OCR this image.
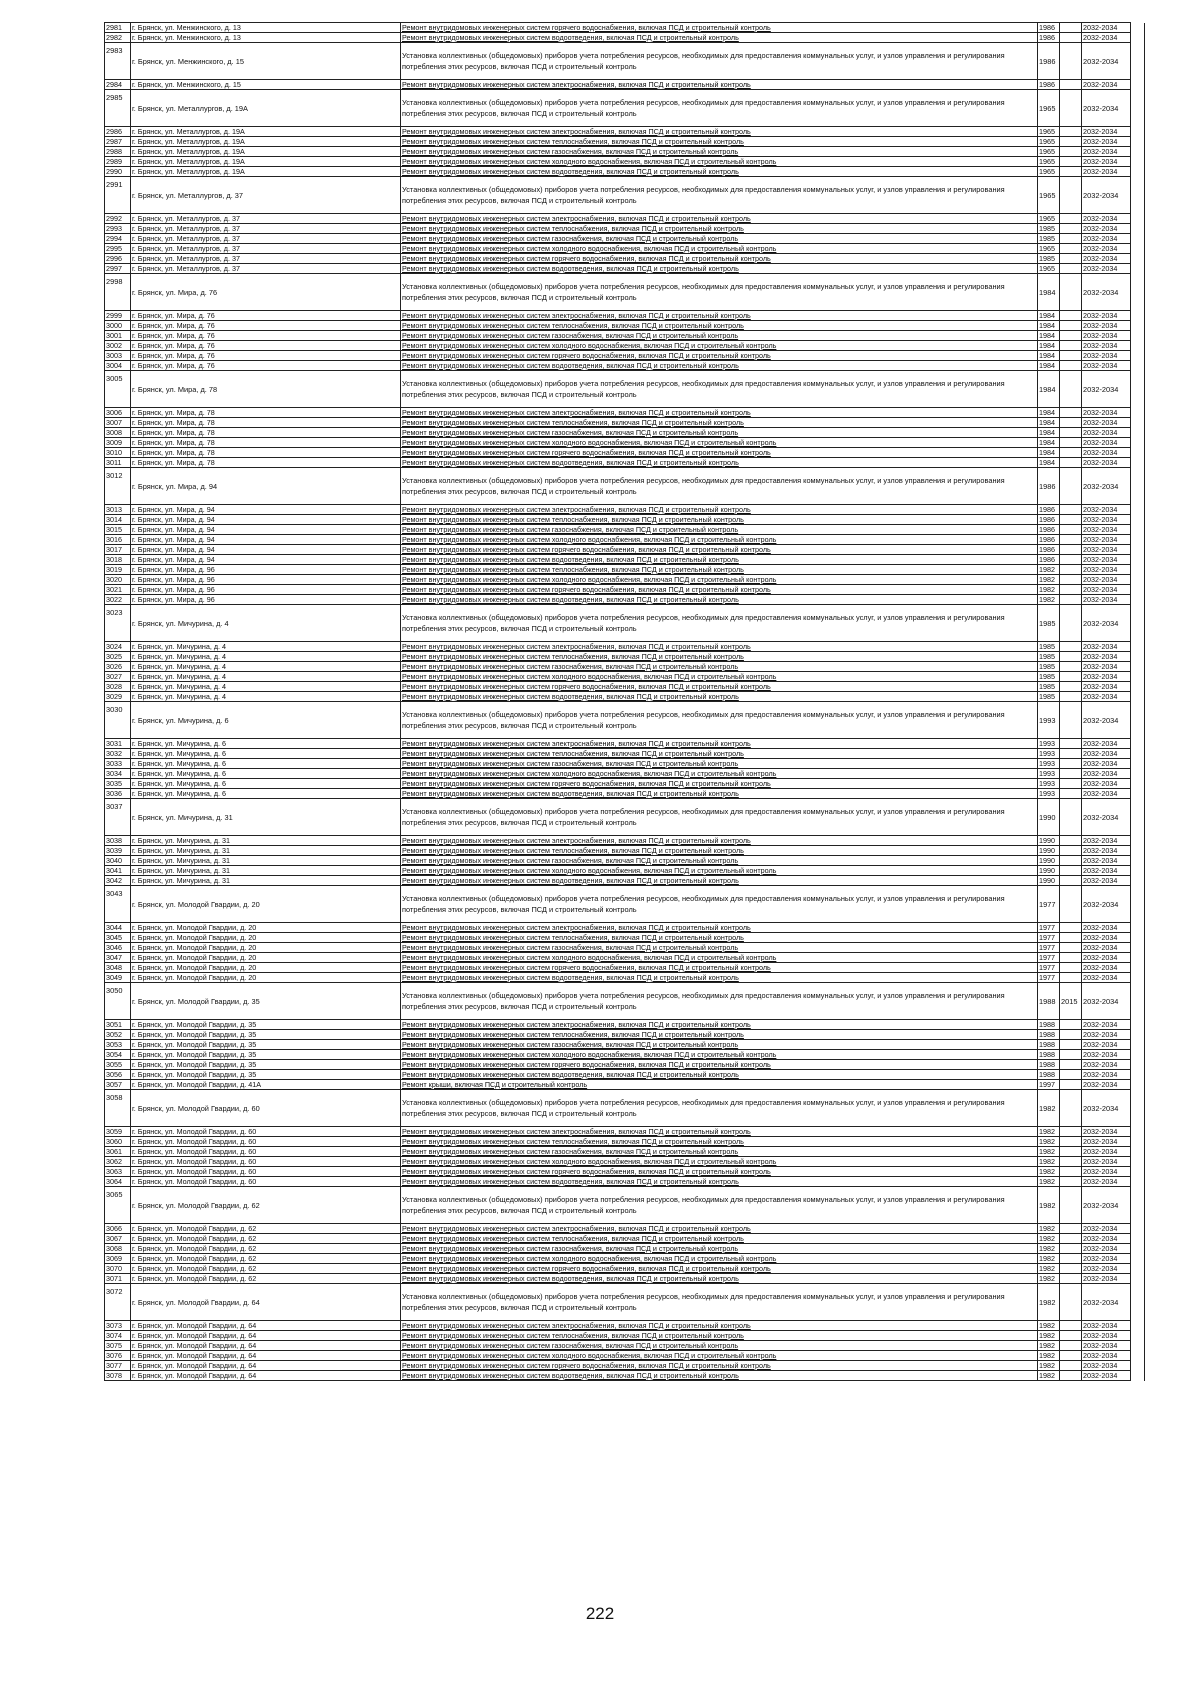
2981	г. Брянск, ул. Менжинского, д. 13	Ремонт внутридомовых инженерных систем горячего водоснабжения, включая ПСД и строительный контроль	1986		2032-2034	
2982	г. Брянск, ул. Менжинского, д. 13	Ремонт внутридомовых инженерных систем водоотведения, включая ПСД и строительный контроль	1986		2032-2034	
2983	г. Брянск, ул. Менжинского, д. 15	Установка коллективных (общедомовых) приборов учета потребления ресурсов, необходимых для предоставления коммунальных услуг, и узлов управления и регулирования потребления этих ресурсов, включая ПСД и строительный контроль	1986		2032-2034	
2984	г. Брянск, ул. Менжинского, д. 15	Ремонт внутридомовых инженерных систем электроснабжения, включая ПСД и строительный контроль	1986		2032-2034	
2985	г. Брянск, ул. Металлургов, д. 19А	Установка коллективных (общедомовых) приборов учета потребления ресурсов, необходимых для предоставления коммунальных услуг, и узлов управления и регулирования потребления этих ресурсов, включая ПСД и строительный контроль	1965		2032-2034	
2986	г. Брянск, ул. Металлургов, д. 19А	Ремонт внутридомовых инженерных систем электроснабжения, включая ПСД и строительный контроль	1965		2032-2034	
2987	г. Брянск, ул. Металлургов, д. 19А	Ремонт внутридомовых инженерных систем теплоснабжения, включая ПСД и строительный контроль	1965		2032-2034	
2988	г. Брянск, ул. Металлургов, д. 19А	Ремонт внутридомовых инженерных систем газоснабжения, включая ПСД и строительный контроль	1965		2032-2034	
2989	г. Брянск, ул. Металлургов, д. 19А	Ремонт внутридомовых инженерных систем холодного водоснабжения, включая ПСД и строительный контроль	1965		2032-2034	
2990	г. Брянск, ул. Металлургов, д. 19А	Ремонт внутридомовых инженерных систем водоотведения, включая ПСД и строительный контроль	1965		2032-2034	
2991	г. Брянск, ул. Металлургов, д. 37	Установка коллективных (общедомовых) приборов учета потребления ресурсов, необходимых для предоставления коммунальных услуг, и узлов управления и регулирования потребления этих ресурсов, включая ПСД и строительный контроль	1965		2032-2034	
2992	г. Брянск, ул. Металлургов, д. 37	Ремонт внутридомовых инженерных систем электроснабжения, включая ПСД и строительный контроль	1965		2032-2034	
2993	г. Брянск, ул. Металлургов, д. 37	Ремонт внутридомовых инженерных систем теплоснабжения, включая ПСД и строительный контроль	1985		2032-2034	
2994	г. Брянск, ул. Металлургов, д. 37	Ремонт внутридомовых инженерных систем газоснабжения, включая ПСД и строительный контроль	1985		2032-2034	
2995	г. Брянск, ул. Металлургов, д. 37	Ремонт внутридомовых инженерных систем холодного водоснабжения, включая ПСД и строительный контроль	1965		2032-2034	
2996	г. Брянск, ул. Металлургов, д. 37	Ремонт внутридомовых инженерных систем горячего водоснабжения, включая ПСД и строительный контроль	1985		2032-2034	
2997	г. Брянск, ул. Металлургов, д. 37	Ремонт внутридомовых инженерных систем водоотведения, включая ПСД и строительный контроль	1965		2032-2034	
2998	г. Брянск, ул. Мира, д. 76	Установка коллективных (общедомовых) приборов учета потребления ресурсов, необходимых для предоставления коммунальных услуг, и узлов управления и регулирования потребления этих ресурсов, включая ПСД и строительный контроль	1984		2032-2034	
2999	г. Брянск, ул. Мира, д. 76	Ремонт внутридомовых инженерных систем электроснабжения, включая ПСД и строительный контроль	1984		2032-2034	
3000	г. Брянск, ул. Мира, д. 76	Ремонт внутридомовых инженерных систем теплоснабжения, включая ПСД и строительный контроль	1984		2032-2034	
3001	г. Брянск, ул. Мира, д. 76	Ремонт внутридомовых инженерных систем газоснабжения, включая ПСД и строительный контроль	1984		2032-2034	
3002	г. Брянск, ул. Мира, д. 76	Ремонт внутридомовых инженерных систем холодного водоснабжения, включая ПСД и строительный контроль	1984		2032-2034	
3003	г. Брянск, ул. Мира, д. 76	Ремонт внутридомовых инженерных систем горячего водоснабжения, включая ПСД и строительный контроль	1984		2032-2034	
3004	г. Брянск, ул. Мира, д. 76	Ремонт внутридомовых инженерных систем водоотведения, включая ПСД и строительный контроль	1984		2032-2034	
3005	г. Брянск, ул. Мира, д. 78	Установка коллективных (общедомовых) приборов учета потребления ресурсов, необходимых для предоставления коммунальных услуг, и узлов управления и регулирования потребления этих ресурсов, включая ПСД и строительный контроль	1984		2032-2034	
3006	г. Брянск, ул. Мира, д. 78	Ремонт внутридомовых инженерных систем электроснабжения, включая ПСД и строительный контроль	1984		2032-2034	
3007	г. Брянск, ул. Мира, д. 78	Ремонт внутридомовых инженерных систем теплоснабжения, включая ПСД и строительный контроль	1984		2032-2034	
3008	г. Брянск, ул. Мира, д. 78	Ремонт внутридомовых инженерных систем газоснабжения, включая ПСД и строительный контроль	1984		2032-2034	
3009	г. Брянск, ул. Мира, д. 78	Ремонт внутридомовых инженерных систем холодного водоснабжения, включая ПСД и строительный контроль	1984		2032-2034	
3010	г. Брянск, ул. Мира, д. 78	Ремонт внутридомовых инженерных систем горячего водоснабжения, включая ПСД и строительный контроль	1984		2032-2034	
3011	г. Брянск, ул. Мира, д. 78	Ремонт внутридомовых инженерных систем водоотведения, включая ПСД и строительный контроль	1984		2032-2034	
3012	г. Брянск, ул. Мира, д. 94	Установка коллективных (общедомовых) приборов учета потребления ресурсов, необходимых для предоставления коммунальных услуг, и узлов управления и регулирования потребления этих ресурсов, включая ПСД и строительный контроль	1986		2032-2034	
3013	г. Брянск, ул. Мира, д. 94	Ремонт внутридомовых инженерных систем электроснабжения, включая ПСД и строительный контроль	1986		2032-2034	
3014	г. Брянск, ул. Мира, д. 94	Ремонт внутридомовых инженерных систем теплоснабжения, включая ПСД и строительный контроль	1986		2032-2034	
3015	г. Брянск, ул. Мира, д. 94	Ремонт внутридомовых инженерных систем газоснабжения, включая ПСД и строительный контроль	1986		2032-2034	
3016	г. Брянск, ул. Мира, д. 94	Ремонт внутридомовых инженерных систем холодного водоснабжения, включая ПСД и строительный контроль	1986		2032-2034	
3017	г. Брянск, ул. Мира, д. 94	Ремонт внутридомовых инженерных систем горячего водоснабжения, включая ПСД и строительный контроль	1986		2032-2034	
3018	г. Брянск, ул. Мира, д. 94	Ремонт внутридомовых инженерных систем водоотведения, включая ПСД и строительный контроль	1986		2032-2034	
3019	г. Брянск, ул. Мира, д. 96	Ремонт внутридомовых инженерных систем теплоснабжения, включая ПСД и строительный контроль	1982		2032-2034	
3020	г. Брянск, ул. Мира, д. 96	Ремонт внутридомовых инженерных систем холодного водоснабжения, включая ПСД и строительный контроль	1982		2032-2034	
3021	г. Брянск, ул. Мира, д. 96	Ремонт внутридомовых инженерных систем горячего водоснабжения, включая ПСД и строительный контроль	1982		2032-2034	
3022	г. Брянск, ул. Мира, д. 96	Ремонт внутридомовых инженерных систем водоотведения, включая ПСД и строительный контроль	1982		2032-2034	
3023	г. Брянск, ул. Мичурина, д. 4	Установка коллективных (общедомовых) приборов учета потребления ресурсов, необходимых для предоставления коммунальных услуг, и узлов управления и регулирования потребления этих ресурсов, включая ПСД и строительный контроль	1985		2032-2034	
3024	г. Брянск, ул. Мичурина, д. 4	Ремонт внутридомовых инженерных систем электроснабжения, включая ПСД и строительный контроль	1985		2032-2034	
3025	г. Брянск, ул. Мичурина, д. 4	Ремонт внутридомовых инженерных систем теплоснабжения, включая ПСД и строительный контроль	1985		2032-2034	
3026	г. Брянск, ул. Мичурина, д. 4	Ремонт внутридомовых инженерных систем газоснабжения, включая ПСД и строительный контроль	1985		2032-2034	
3027	г. Брянск, ул. Мичурина, д. 4	Ремонт внутридомовых инженерных систем холодного водоснабжения, включая ПСД и строительный контроль	1985		2032-2034	
3028	г. Брянск, ул. Мичурина, д. 4	Ремонт внутридомовых инженерных систем горячего водоснабжения, включая ПСД и строительный контроль	1985		2032-2034	
3029	г. Брянск, ул. Мичурина, д. 4	Ремонт внутридомовых инженерных систем водоотведения, включая ПСД и строительный контроль	1985		2032-2034	
3030	г. Брянск, ул. Мичурина, д. 6	Установка коллективных (общедомовых) приборов учета потребления ресурсов, необходимых для предоставления коммунальных услуг, и узлов управления и регулирования потребления этих ресурсов, включая ПСД и строительный контроль	1993		2032-2034	
3031	г. Брянск, ул. Мичурина, д. 6	Ремонт внутридомовых инженерных систем электроснабжения, включая ПСД и строительный контроль	1993		2032-2034	
3032	г. Брянск, ул. Мичурина, д. 6	Ремонт внутридомовых инженерных систем теплоснабжения, включая ПСД и строительный контроль	1993		2032-2034	
3033	г. Брянск, ул. Мичурина, д. 6	Ремонт внутридомовых инженерных систем газоснабжения, включая ПСД и строительный контроль	1993		2032-2034	
3034	г. Брянск, ул. Мичурина, д. 6	Ремонт внутридомовых инженерных систем холодного водоснабжения, включая ПСД и строительный контроль	1993		2032-2034	
3035	г. Брянск, ул. Мичурина, д. 6	Ремонт внутридомовых инженерных систем горячего водоснабжения, включая ПСД и строительный контроль	1993		2032-2034	
3036	г. Брянск, ул. Мичурина, д. 6	Ремонт внутридомовых инженерных систем водоотведения, включая ПСД и строительный контроль	1993		2032-2034	
3037	г. Брянск, ул. Мичурина, д. 31	Установка коллективных (общедомовых) приборов учета потребления ресурсов, необходимых для предоставления коммунальных услуг, и узлов управления и регулирования потребления этих ресурсов, включая ПСД и строительный контроль	1990		2032-2034	
3038	г. Брянск, ул. Мичурина, д. 31	Ремонт внутридомовых инженерных систем электроснабжения, включая ПСД и строительный контроль	1990		2032-2034	
3039	г. Брянск, ул. Мичурина, д. 31	Ремонт внутридомовых инженерных систем теплоснабжения, включая ПСД и строительный контроль	1990		2032-2034	
3040	г. Брянск, ул. Мичурина, д. 31	Ремонт внутридомовых инженерных систем газоснабжения, включая ПСД и строительный контроль	1990		2032-2034	
3041	г. Брянск, ул. Мичурина, д. 31	Ремонт внутридомовых инженерных систем холодного водоснабжения, включая ПСД и строительный контроль	1990		2032-2034	
3042	г. Брянск, ул. Мичурина, д. 31	Ремонт внутридомовых инженерных систем водоотведения, включая ПСД и строительный контроль	1990		2032-2034	
3043	г. Брянск, ул. Молодой Гвардии, д. 20	Установка коллективных (общедомовых) приборов учета потребления ресурсов, необходимых для предоставления коммунальных услуг, и узлов управления и регулирования потребления этих ресурсов, включая ПСД и строительный контроль	1977		2032-2034	
3044	г. Брянск, ул. Молодой Гвардии, д. 20	Ремонт внутридомовых инженерных систем электроснабжения, включая ПСД и строительный контроль	1977		2032-2034	
3045	г. Брянск, ул. Молодой Гвардии, д. 20	Ремонт внутридомовых инженерных систем теплоснабжения, включая ПСД и строительный контроль	1977		2032-2034	
3046	г. Брянск, ул. Молодой Гвардии, д. 20	Ремонт внутридомовых инженерных систем газоснабжения, включая ПСД и строительный контроль	1977		2032-2034	
3047	г. Брянск, ул. Молодой Гвардии, д. 20	Ремонт внутридомовых инженерных систем холодного водоснабжения, включая ПСД и строительный контроль	1977		2032-2034	
3048	г. Брянск, ул. Молодой Гвардии, д. 20	Ремонт внутридомовых инженерных систем горячего водоснабжения, включая ПСД и строительный контроль	1977		2032-2034	
3049	г. Брянск, ул. Молодой Гвардии, д. 20	Ремонт внутридомовых инженерных систем водоотведения, включая ПСД и строительный контроль	1977		2032-2034	
3050	г. Брянск, ул. Молодой Гвардии, д. 35	Установка коллективных (общедомовых) приборов учета потребления ресурсов, необходимых для предоставления коммунальных услуг, и узлов управления и регулирования потребления этих ресурсов, включая ПСД и строительный контроль	1988	2015	2032-2034	
3051	г. Брянск, ул. Молодой Гвардии, д. 35	Ремонт внутридомовых инженерных систем электроснабжения, включая ПСД и строительный контроль	1988		2032-2034	
3052	г. Брянск, ул. Молодой Гвардии, д. 35	Ремонт внутридомовых инженерных систем теплоснабжения, включая ПСД и строительный контроль	1988		2032-2034	
3053	г. Брянск, ул. Молодой Гвардии, д. 35	Ремонт внутридомовых инженерных систем газоснабжения, включая ПСД и строительный контроль	1988		2032-2034	
3054	г. Брянск, ул. Молодой Гвардии, д. 35	Ремонт внутридомовых инженерных систем холодного водоснабжения, включая ПСД и строительный контроль	1988		2032-2034	
3055	г. Брянск, ул. Молодой Гвардии, д. 35	Ремонт внутридомовых инженерных систем горячего водоснабжения, включая ПСД и строительный контроль	1988		2032-2034	
3056	г. Брянск, ул. Молодой Гвардии, д. 35	Ремонт внутридомовых инженерных систем водоотведения, включая ПСД и строительный контроль	1988		2032-2034	
3057	г. Брянск, ул. Молодой Гвардии, д. 41А	Ремонт крыши, включая ПСД и строительный контроль	1997		2032-2034	
3058	г. Брянск, ул. Молодой Гвардии, д. 60	Установка коллективных (общедомовых) приборов учета потребления ресурсов, необходимых для предоставления коммунальных услуг, и узлов управления и регулирования потребления этих ресурсов, включая ПСД и строительный контроль	1982		2032-2034	
3059	г. Брянск, ул. Молодой Гвардии, д. 60	Ремонт внутридомовых инженерных систем электроснабжения, включая ПСД и строительный контроль	1982		2032-2034	
3060	г. Брянск, ул. Молодой Гвардии, д. 60	Ремонт внутридомовых инженерных систем теплоснабжения, включая ПСД и строительный контроль	1982		2032-2034	
3061	г. Брянск, ул. Молодой Гвардии, д. 60	Ремонт внутридомовых инженерных систем газоснабжения, включая ПСД и строительный контроль	1982		2032-2034	
3062	г. Брянск, ул. Молодой Гвардии, д. 60	Ремонт внутридомовых инженерных систем холодного водоснабжения, включая ПСД и строительный контроль	1982		2032-2034	
3063	г. Брянск, ул. Молодой Гвардии, д. 60	Ремонт внутридомовых инженерных систем горячего водоснабжения, включая ПСД и строительный контроль	1982		2032-2034	
3064	г. Брянск, ул. Молодой Гвардии, д. 60	Ремонт внутридомовых инженерных систем водоотведения, включая ПСД и строительный контроль	1982		2032-2034	
3065	г. Брянск, ул. Молодой Гвардии, д. 62	Установка коллективных (общедомовых) приборов учета потребления ресурсов, необходимых для предоставления коммунальных услуг, и узлов управления и регулирования потребления этих ресурсов, включая ПСД и строительный контроль	1982		2032-2034	
3066	г. Брянск, ул. Молодой Гвардии, д. 62	Ремонт внутридомовых инженерных систем электроснабжения, включая ПСД и строительный контроль	1982		2032-2034	
3067	г. Брянск, ул. Молодой Гвардии, д. 62	Ремонт внутридомовых инженерных систем теплоснабжения, включая ПСД и строительный контроль	1982		2032-2034	
3068	г. Брянск, ул. Молодой Гвардии, д. 62	Ремонт внутридомовых инженерных систем газоснабжения, включая ПСД и строительный контроль	1982		2032-2034	
3069	г. Брянск, ул. Молодой Гвардии, д. 62	Ремонт внутридомовых инженерных систем холодного водоснабжения, включая ПСД и строительный контроль	1982		2032-2034	
3070	г. Брянск, ул. Молодой Гвардии, д. 62	Ремонт внутридомовых инженерных систем горячего водоснабжения, включая ПСД и строительный контроль	1982		2032-2034	
3071	г. Брянск, ул. Молодой Гвардии, д. 62	Ремонт внутридомовых инженерных систем водоотведения, включая ПСД и строительный контроль	1982		2032-2034	
3072	г. Брянск, ул. Молодой Гвардии, д. 64	Установка коллективных (общедомовых) приборов учета потребления ресурсов, необходимых для предоставления коммунальных услуг, и узлов управления и регулирования потребления этих ресурсов, включая ПСД и строительный контроль	1982		2032-2034	
3073	г. Брянск, ул. Молодой Гвардии, д. 64	Ремонт внутридомовых инженерных систем электроснабжения, включая ПСД и строительный контроль	1982		2032-2034	
3074	г. Брянск, ул. Молодой Гвардии, д. 64	Ремонт внутридомовых инженерных систем теплоснабжения, включая ПСД и строительный контроль	1982		2032-2034	
3075	г. Брянск, ул. Молодой Гвардии, д. 64	Ремонт внутридомовых инженерных систем газоснабжения, включая ПСД и строительный контроль	1982		2032-2034	
3076	г. Брянск, ул. Молодой Гвардии, д. 64	Ремонт внутридомовых инженерных систем холодного водоснабжения, включая ПСД и строительный контроль	1982		2032-2034	
3077	г. Брянск, ул. Молодой Гвардии, д. 64	Ремонт внутридомовых инженерных систем горячего водоснабжения, включая ПСД и строительный контроль	1982		2032-2034	
3078	г. Брянск, ул. Молодой Гвардии, д. 64	Ремонт внутридомовых инженерных систем водоотведения, включая ПСД и строительный контроль	1982		2032-2034	
222
